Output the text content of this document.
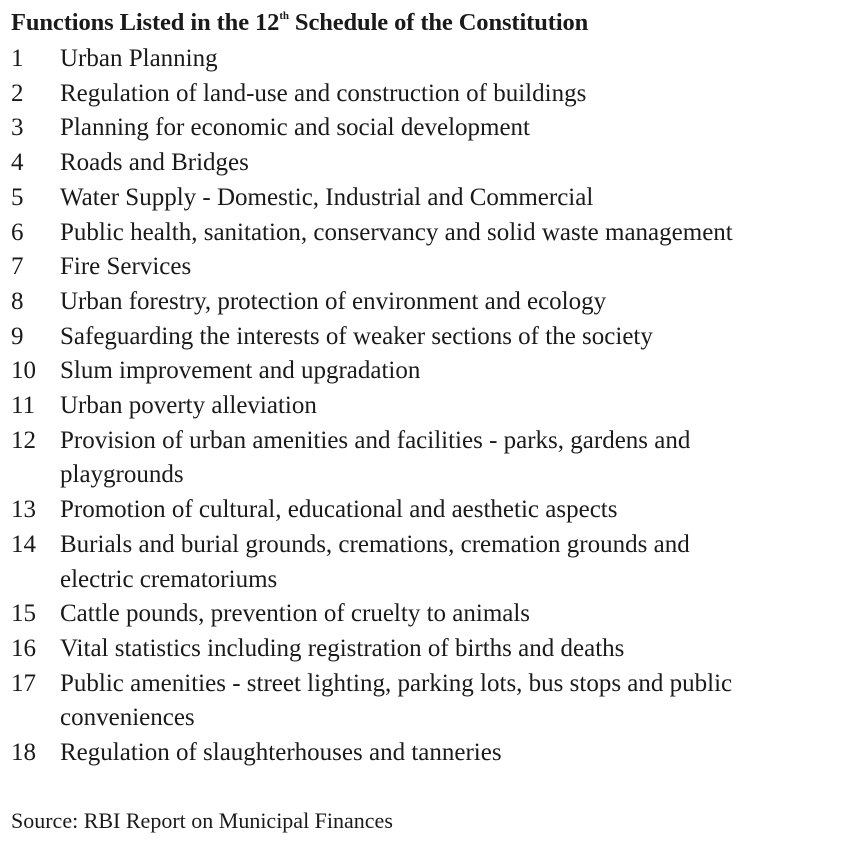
Functions Listed in the 12th Schedule of the Constitution
1	Urban Planning
2	Regulation of land-use and construction of buildings
3	Planning for economic and social development
4	Roads and Bridges
5	Water Supply - Domestic, Industrial and Commercial
6	Public health, sanitation, conservancy and solid waste management
7	Fire Services
8	Urban forestry, protection of environment and ecology
9	Safeguarding the interests of weaker sections of the society
10 Slum improvement and upgradation
11 Urban poverty alleviation
12 Provision of urban amenities and facilities - parks, gardens and
playgrounds
13 Promotion of cultural, educational and aesthetic aspects
14 Burials and burial grounds, cremations, cremation grounds and
electric crematoriums
15 Cattle pounds, prevention of cruelty to animals
16 Vital statistics including registration of births and deaths
17 Public amenities - street lighting, parking lots, bus stops and public
conveniences
18 Regulation of slaughterhouses and tanneries
Source: RBI Report on Municipal Finances
